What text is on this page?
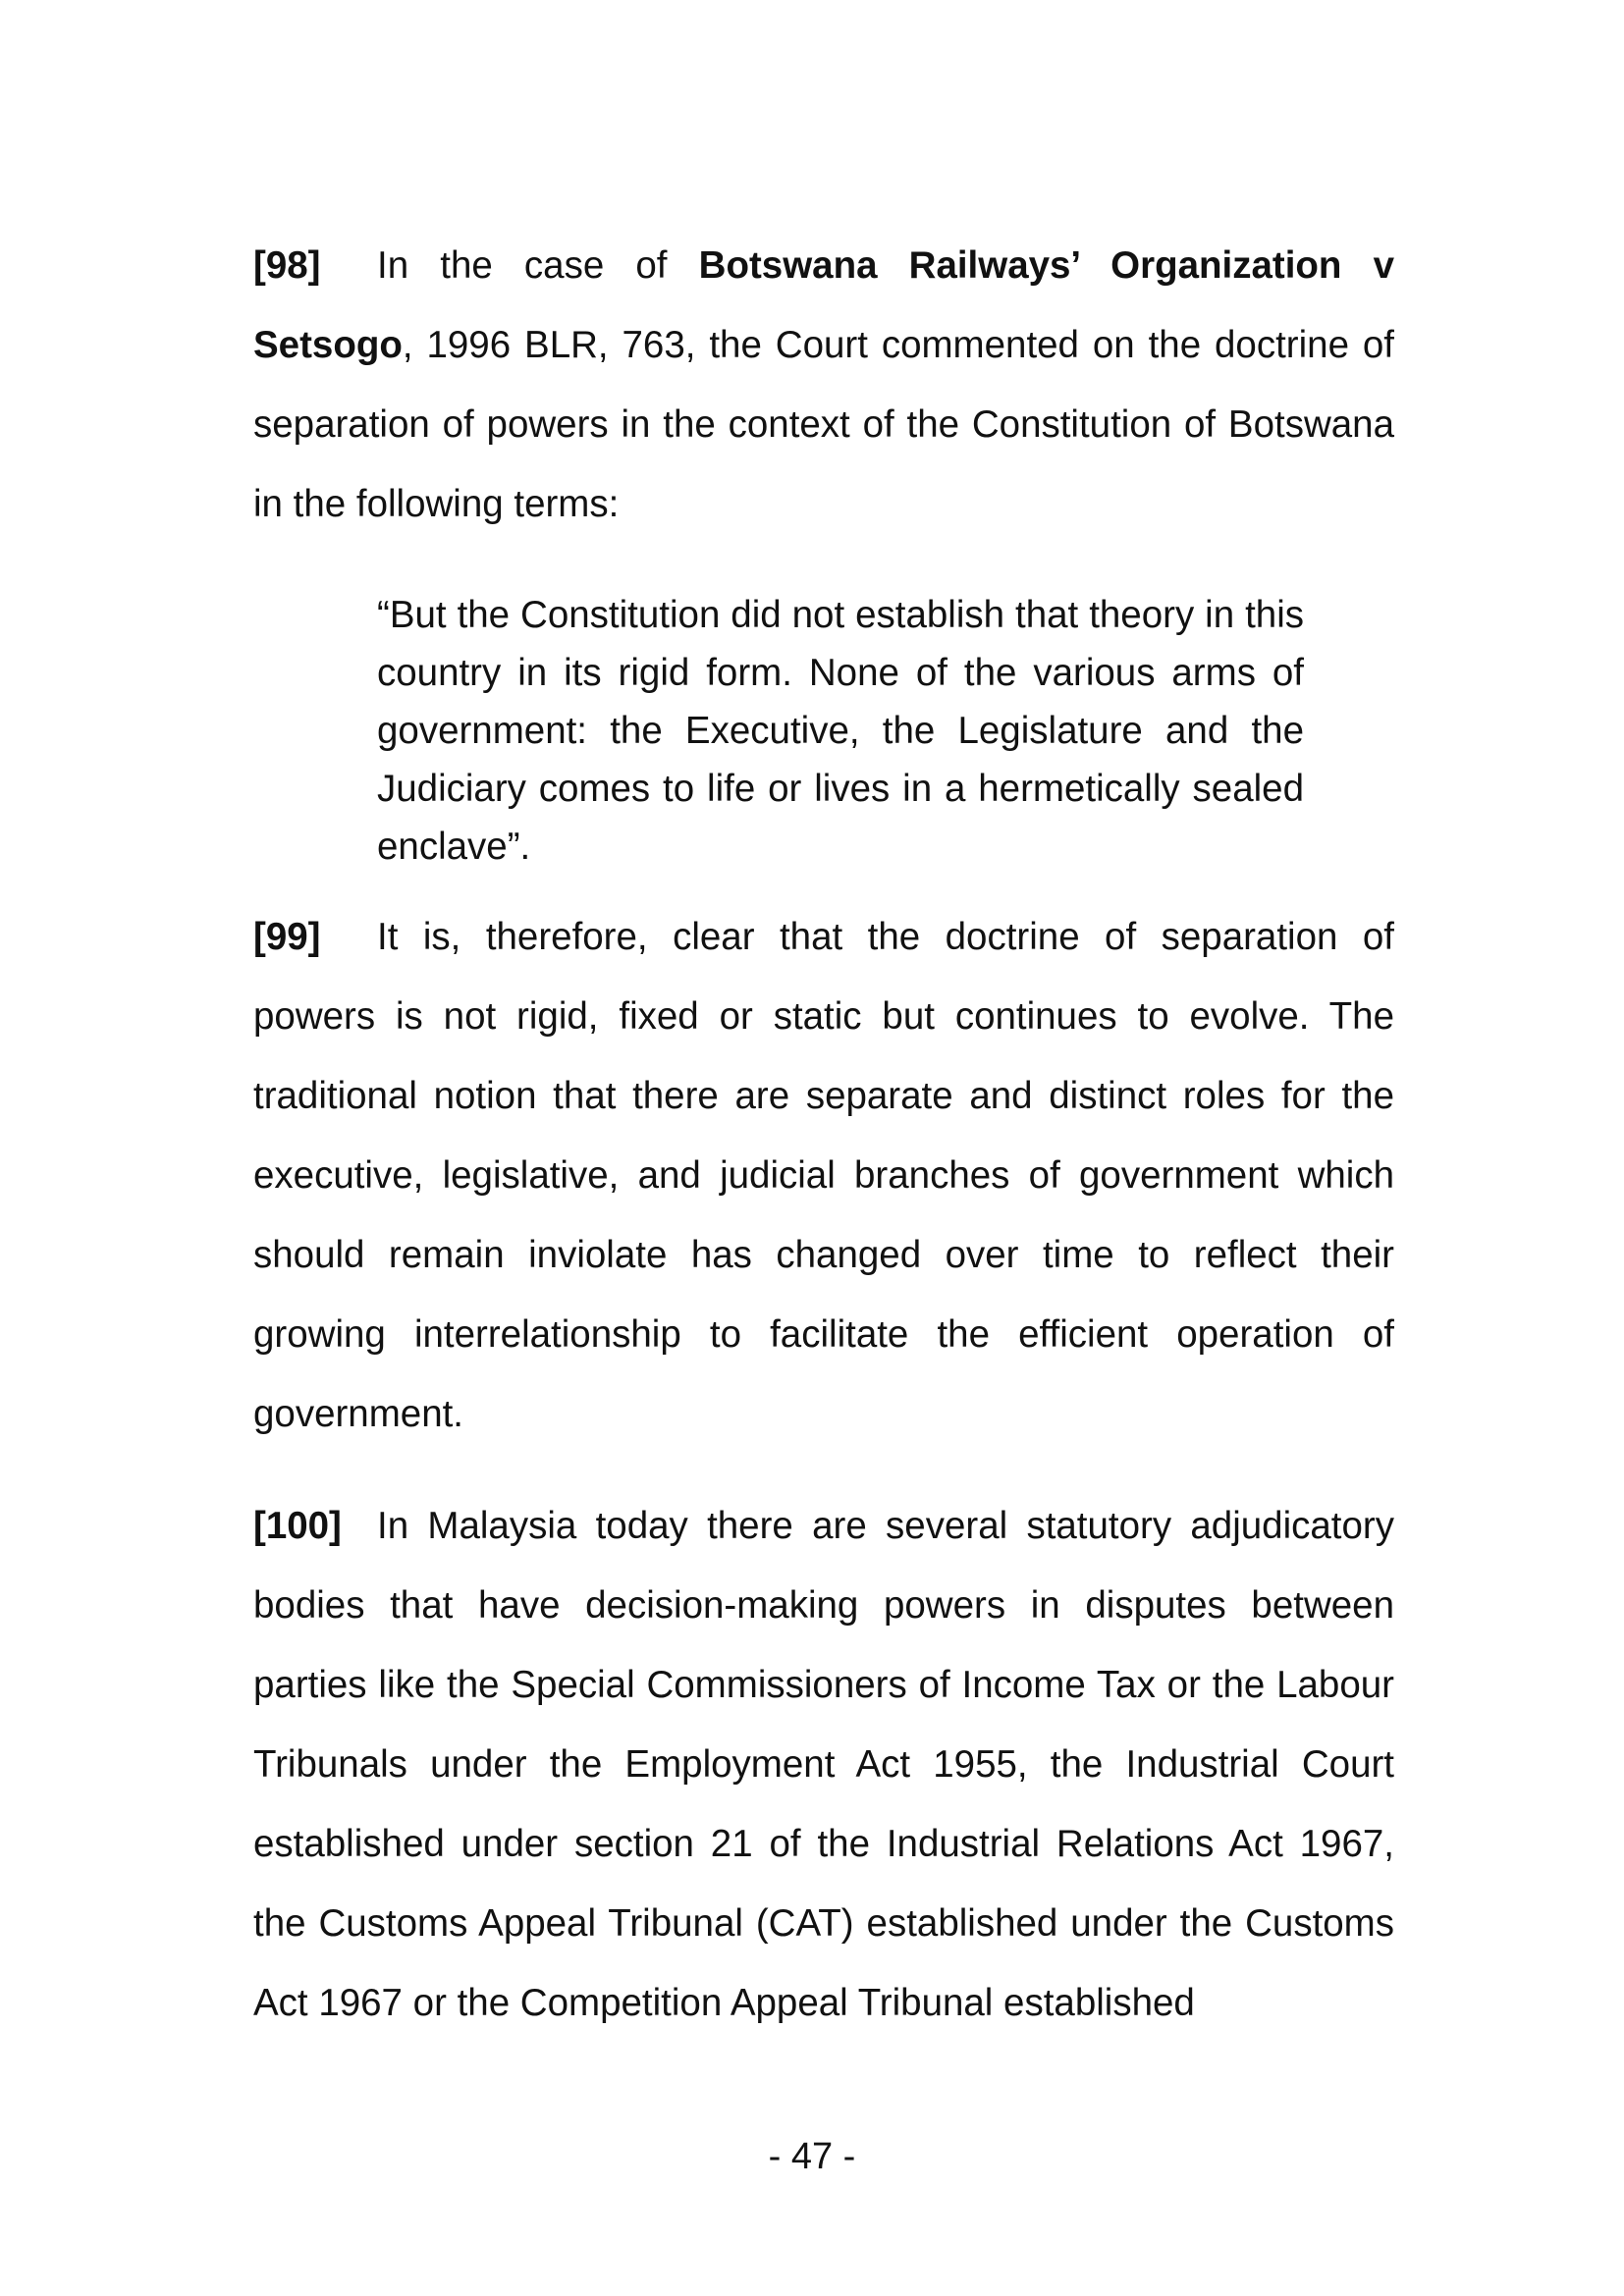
[98] In the case of Botswana Railways’ Organization v Setsogo, 1996 BLR, 763, the Court commented on the doctrine of separation of powers in the context of the Constitution of Botswana in the following terms:

“But the Constitution did not establish that theory in this country in its rigid form. None of the various arms of government: the Executive, the Legislature and the Judiciary comes to life or lives in a hermetically sealed enclave”.

[99] It is, therefore, clear that the doctrine of separation of powers is not rigid, fixed or static but continues to evolve. The traditional notion that there are separate and distinct roles for the executive, legislative, and judicial branches of government which should remain inviolate has changed over time to reflect their growing interrelationship to facilitate the efficient operation of government.

[100] In Malaysia today there are several statutory adjudicatory bodies that have decision-making powers in disputes between parties like the Special Commissioners of Income Tax or the Labour Tribunals under the Employment Act 1955, the Industrial Court established under section 21 of the Industrial Relations Act 1967, the Customs Appeal Tribunal (CAT) established under the Customs Act 1967 or the Competition Appeal Tribunal established

- 47 -
